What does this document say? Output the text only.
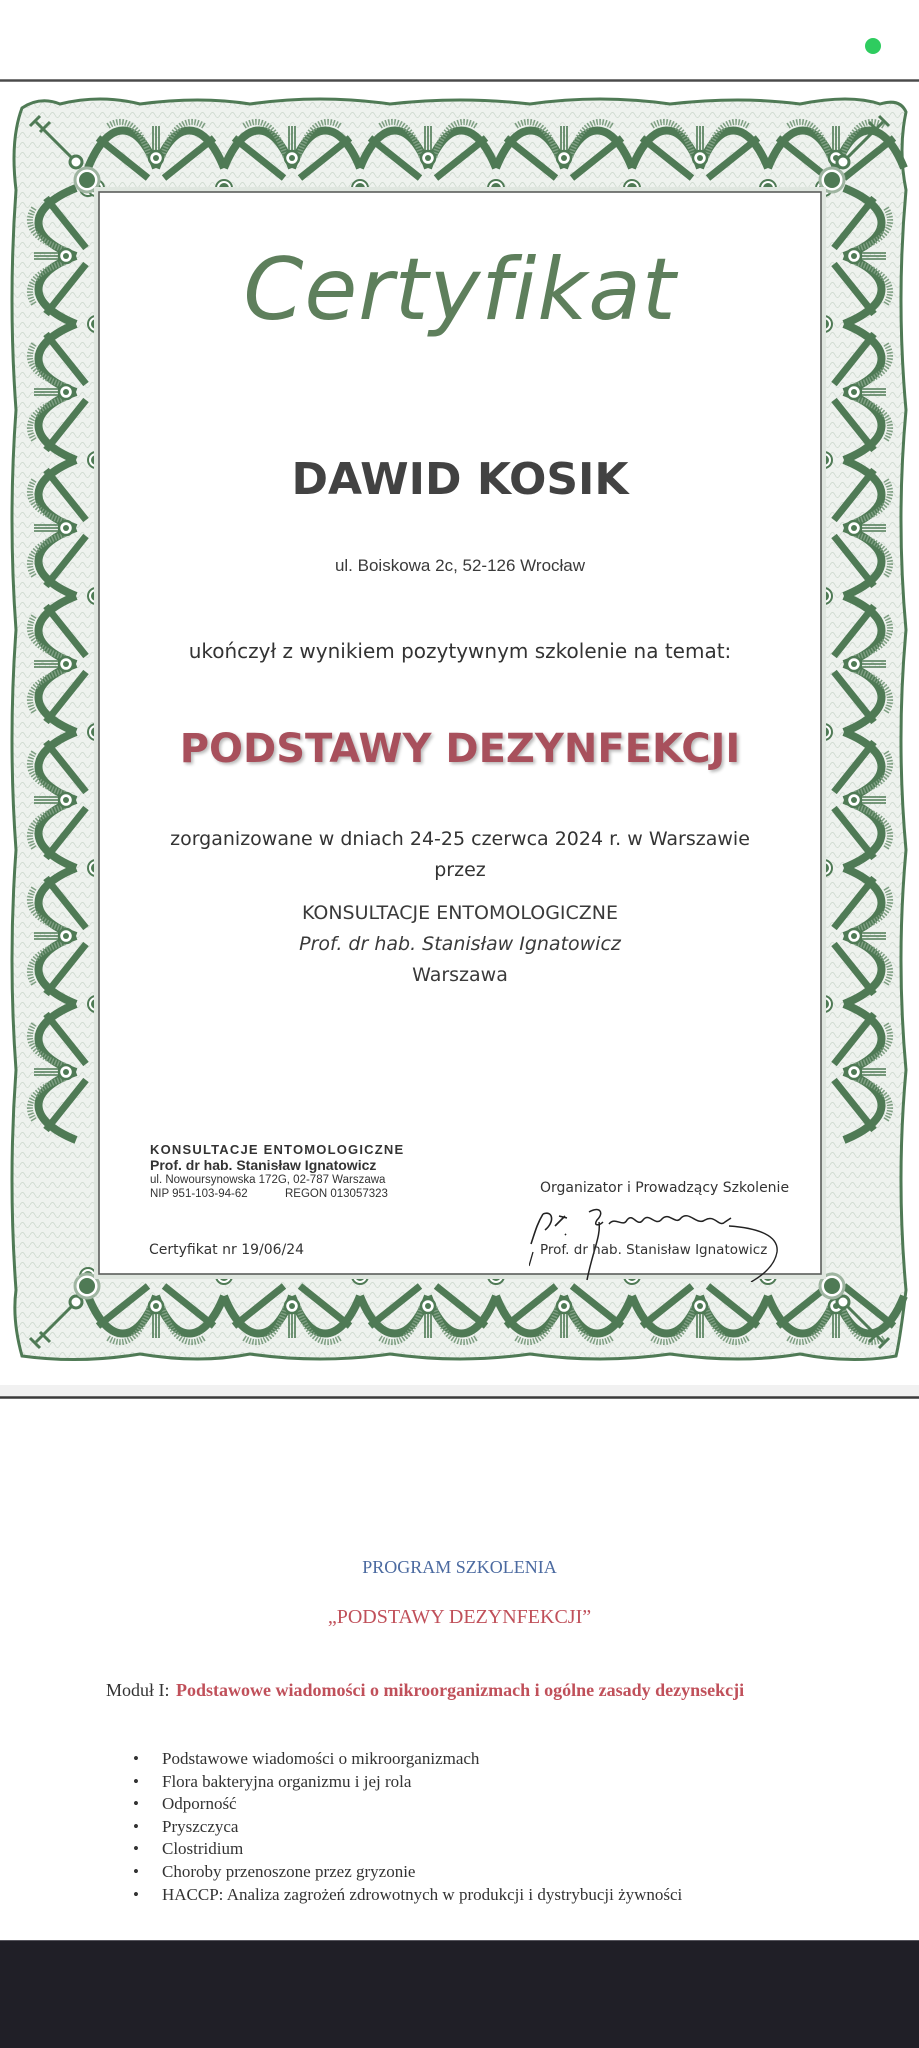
Certyfikat
DAWID KOSIK
ul. Boiskowa 2c, 52-126 Wrocław
ukończył z wynikiem pozytywnym szkolenie na temat:
PODSTAWY DEZYNFEKCJI
zorganizowane w dniach 24-25 czerwca 2024 r. w Warszawie
przez
KONSULTACJE ENTOMOLOGICZNE
Prof. dr hab. Stanisław Ignatowicz
Warszawa
KONSULTACJE ENTOMOLOGICZNE
Prof. dr hab. Stanisław Ignatowicz
ul. Nowoursynowska 172G, 02-787 Warszawa
NIP 951-103-94-62	REGON 013057323
Certyfikat nr 19/06/24
Organizator i Prowadzący Szkolenie
Prof. dr hab. Stanisław Ignatowicz
PROGRAM SZKOLENIA
„PODSTAWY DEZYNFEKCJI”
Moduł I: Podstawowe wiadomości o mikroorganizmach i ogólne zasady dezynsekcji
• Podstawowe wiadomości o mikroorganizmach
• Flora bakteryjna organizmu i jej rola
• Odporność
• Pryszczyca
• Clostridium
• Choroby przenoszone przez gryzonie
• HACCP: Analiza zagrożeń zdrowotnych w produkcji i dystrybucji żywności
